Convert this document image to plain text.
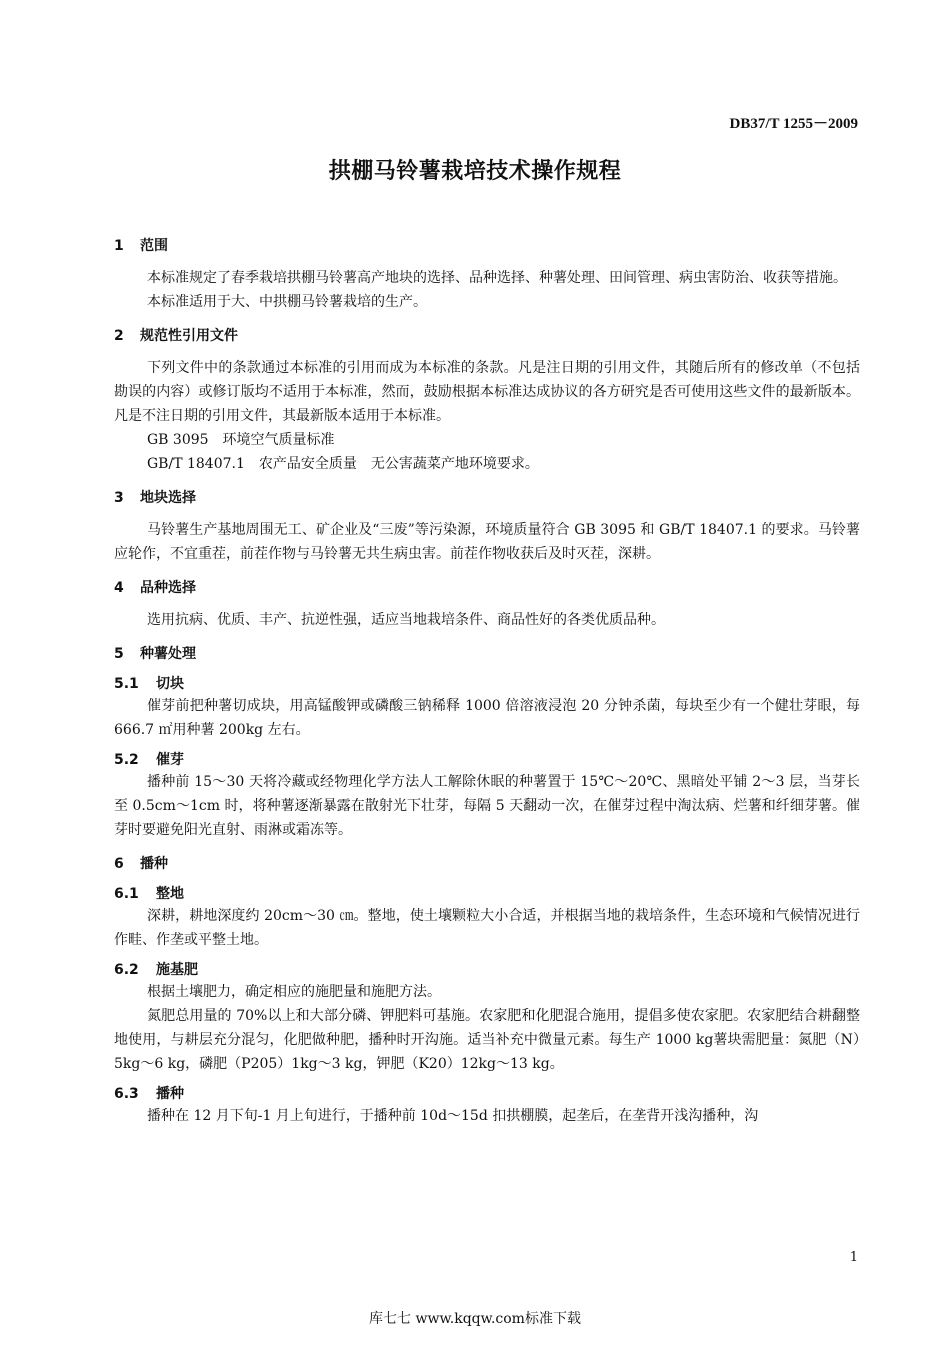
DB37/T 1255－2009
拱棚马铃薯栽培技术操作规程
1 范围

本标准规定了春季栽培拱棚马铃薯高产地块的选择、品种选择、种薯处理、田间管理、病虫害防治、收获等措施。

本标准适用于大、中拱棚马铃薯栽培的生产。

2 规范性引用文件

下列文件中的条款通过本标准的引用而成为本标准的条款。凡是注日期的引用文件，其随后所有的修改单（不包括勘误的内容）或修订版均不适用于本标准，然而，鼓励根据本标准达成协议的各方研究是否可使用这些文件的最新版本。凡是不注日期的引用文件，其最新版本适用于本标准。

GB 3095　环境空气质量标准

GB/T 18407.1　农产品安全质量　无公害蔬菜产地环境要求。

3 地块选择

马铃薯生产基地周围无工、矿企业及“三废”等污染源，环境质量符合 GB 3095 和 GB/T 18407.1 的要求。马铃薯应轮作，不宜重茬，前茬作物与马铃薯无共生病虫害。前茬作物收获后及时灭茬，深耕。

4 品种选择

选用抗病、优质、丰产、抗逆性强，适应当地栽培条件、商品性好的各类优质品种。

5 种薯处理
5.1 切块

催芽前把种薯切成块，用高锰酸钾或磷酸三钠稀释 1000 倍溶液浸泡 20 分钟杀菌，每块至少有一个健壮芽眼，每 666.7 ㎡用种薯 200kg 左右。

5.2 催芽

播种前 15～30 天将冷藏或经物理化学方法人工解除休眠的种薯置于 15℃～20℃、黑暗处平铺 2～3 层，当芽长至 0.5cm～1cm 时，将种薯逐渐暴露在散射光下壮芽，每隔 5 天翻动一次，在催芽过程中淘汰病、烂薯和纤细芽薯。催芽时要避免阳光直射、雨淋或霜冻等。

6 播种
6.1 整地

深耕，耕地深度约 20cm～30 ㎝。整地，使土壤颗粒大小合适，并根据当地的栽培条件，生态环境和气候情况进行作畦、作垄或平整土地。

6.2 施基肥

根据土壤肥力，确定相应的施肥量和施肥方法。

氮肥总用量的 70%以上和大部分磷、钾肥料可基施。农家肥和化肥混合施用，提倡多使农家肥。农家肥结合耕翻整地使用，与耕层充分混匀，化肥做种肥，播种时开沟施。适当补充中微量元素。每生产 1000 kg薯块需肥量：氮肥（N）5kg～6 kg，磷肥（P205）1kg～3 kg，钾肥（K20）12kg～13 kg。

6.3 播种

播种在 12 月下旬-1 月上旬进行，于播种前 10d～15d 扣拱棚膜，起垄后，在垄背开浅沟播种，沟

1
库七七 www.kqqw.com标准下载
